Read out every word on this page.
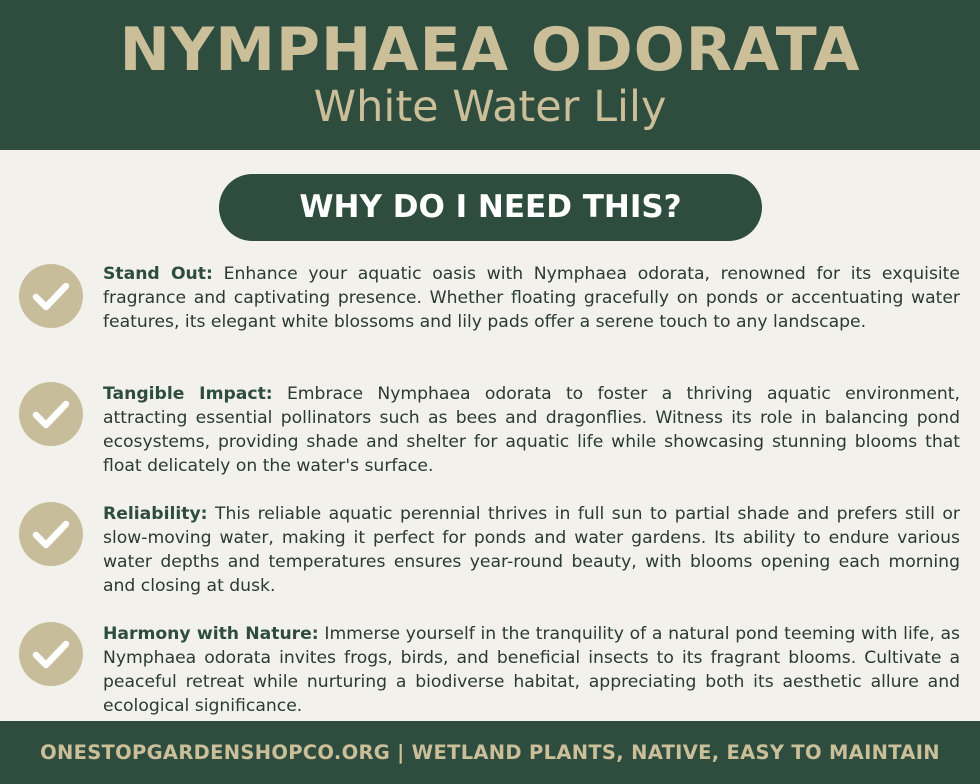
NYMPHAEA ODORATA
White Water Lily
WHY DO I NEED THIS?
Stand Out: Enhance your aquatic oasis with Nymphaea odorata, renowned for its exquisite fragrance and captivating presence. Whether floating gracefully on ponds or accentuating water features, its elegant white blossoms and lily pads offer a serene touch to any landscape.
Tangible Impact: Embrace Nymphaea odorata to foster a thriving aquatic environment, attracting essential pollinators such as bees and dragonflies. Witness its role in balancing pond ecosystems, providing shade and shelter for aquatic life while showcasing stunning blooms that float delicately on the water's surface.
Reliability: This reliable aquatic perennial thrives in full sun to partial shade and prefers still or slow-moving water, making it perfect for ponds and water gardens. Its ability to endure various water depths and temperatures ensures year-round beauty, with blooms opening each morning and closing at dusk.
Harmony with Nature: Immerse yourself in the tranquility of a natural pond teeming with life, as Nymphaea odorata invites frogs, birds, and beneficial insects to its fragrant blooms. Cultivate a peaceful retreat while nurturing a biodiverse habitat, appreciating both its aesthetic allure and ecological significance.
ONESTOPGARDENSHOPCO.ORG | WETLAND PLANTS, NATIVE, EASY TO MAINTAIN
